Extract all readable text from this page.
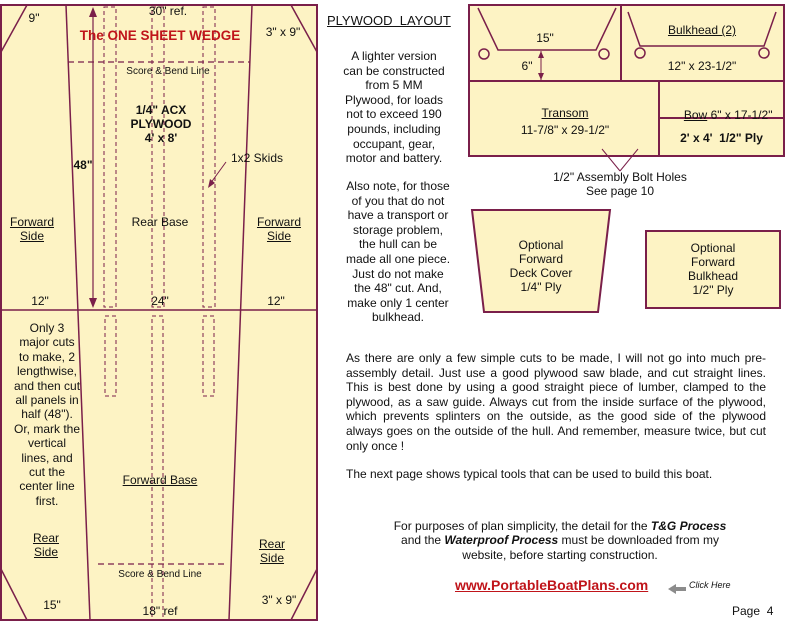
9"	30" ref.
3" x 9"
The ONE SHEET WEDGE
Score & Bend Line
1/4" ACX
PLYWOOD
4' x 8'
1x2 Skids
48"
Forward
Side
Rear Base	Forward
Side
12"	24"	12"
Only 3
major cuts
to make, 2
lengthwise,
and then cut
all panels in
half (48").
Or, mark the
vertical
lines, and
cut the
center line
first.
Forward Base
Rear
Side
Rear
Side
Score & Bend Line
15"	18" ref
3" x 9"
PLYWOOD  LAYOUT
A lighter version
can be constructed
from 5 MM
Plywood, for loads
not to exceed 190
pounds, including
occupant, gear,
motor and battery.
Also note, for those
of you that do not
have a transport or
storage problem,
the hull can be
made all one piece.
Just do not make
the 48" cut. And,
make only 1 center
bulkhead.
15"
6"
Bulkhead (2)
12" x 23-1/2"
Transom
11-7/8" x 29-1/2"

Bow 6" x 17-1/2"

2' x 4'  1/2" Ply
1/2" Assembly Bolt Holes
See page 10
Optional
Forward
Deck Cover
1/4" Ply
Optional
Forward
Bulkhead
1/2" Ply
As there are only a few simple cuts to be made, I will not go into much pre-assembly detail. Just use a good plywood saw blade, and cut straight lines. This is best done by using a good straight piece of lumber, clamped to the plywood, as a saw guide. Always cut from the inside surface of the plywood, which prevents splinters on the outside, as the good side of the plywood always goes on the outside of the hull. And remember, measure twice, but cut only once !
The next page shows typical tools that can be used to build this boat.
For purposes of plan simplicity, the detail for the T&G Process
and the Waterproof Process must be downloaded from my
website, before starting construction.
www.PortableBoatPlans.com	Click Here
Page  4
